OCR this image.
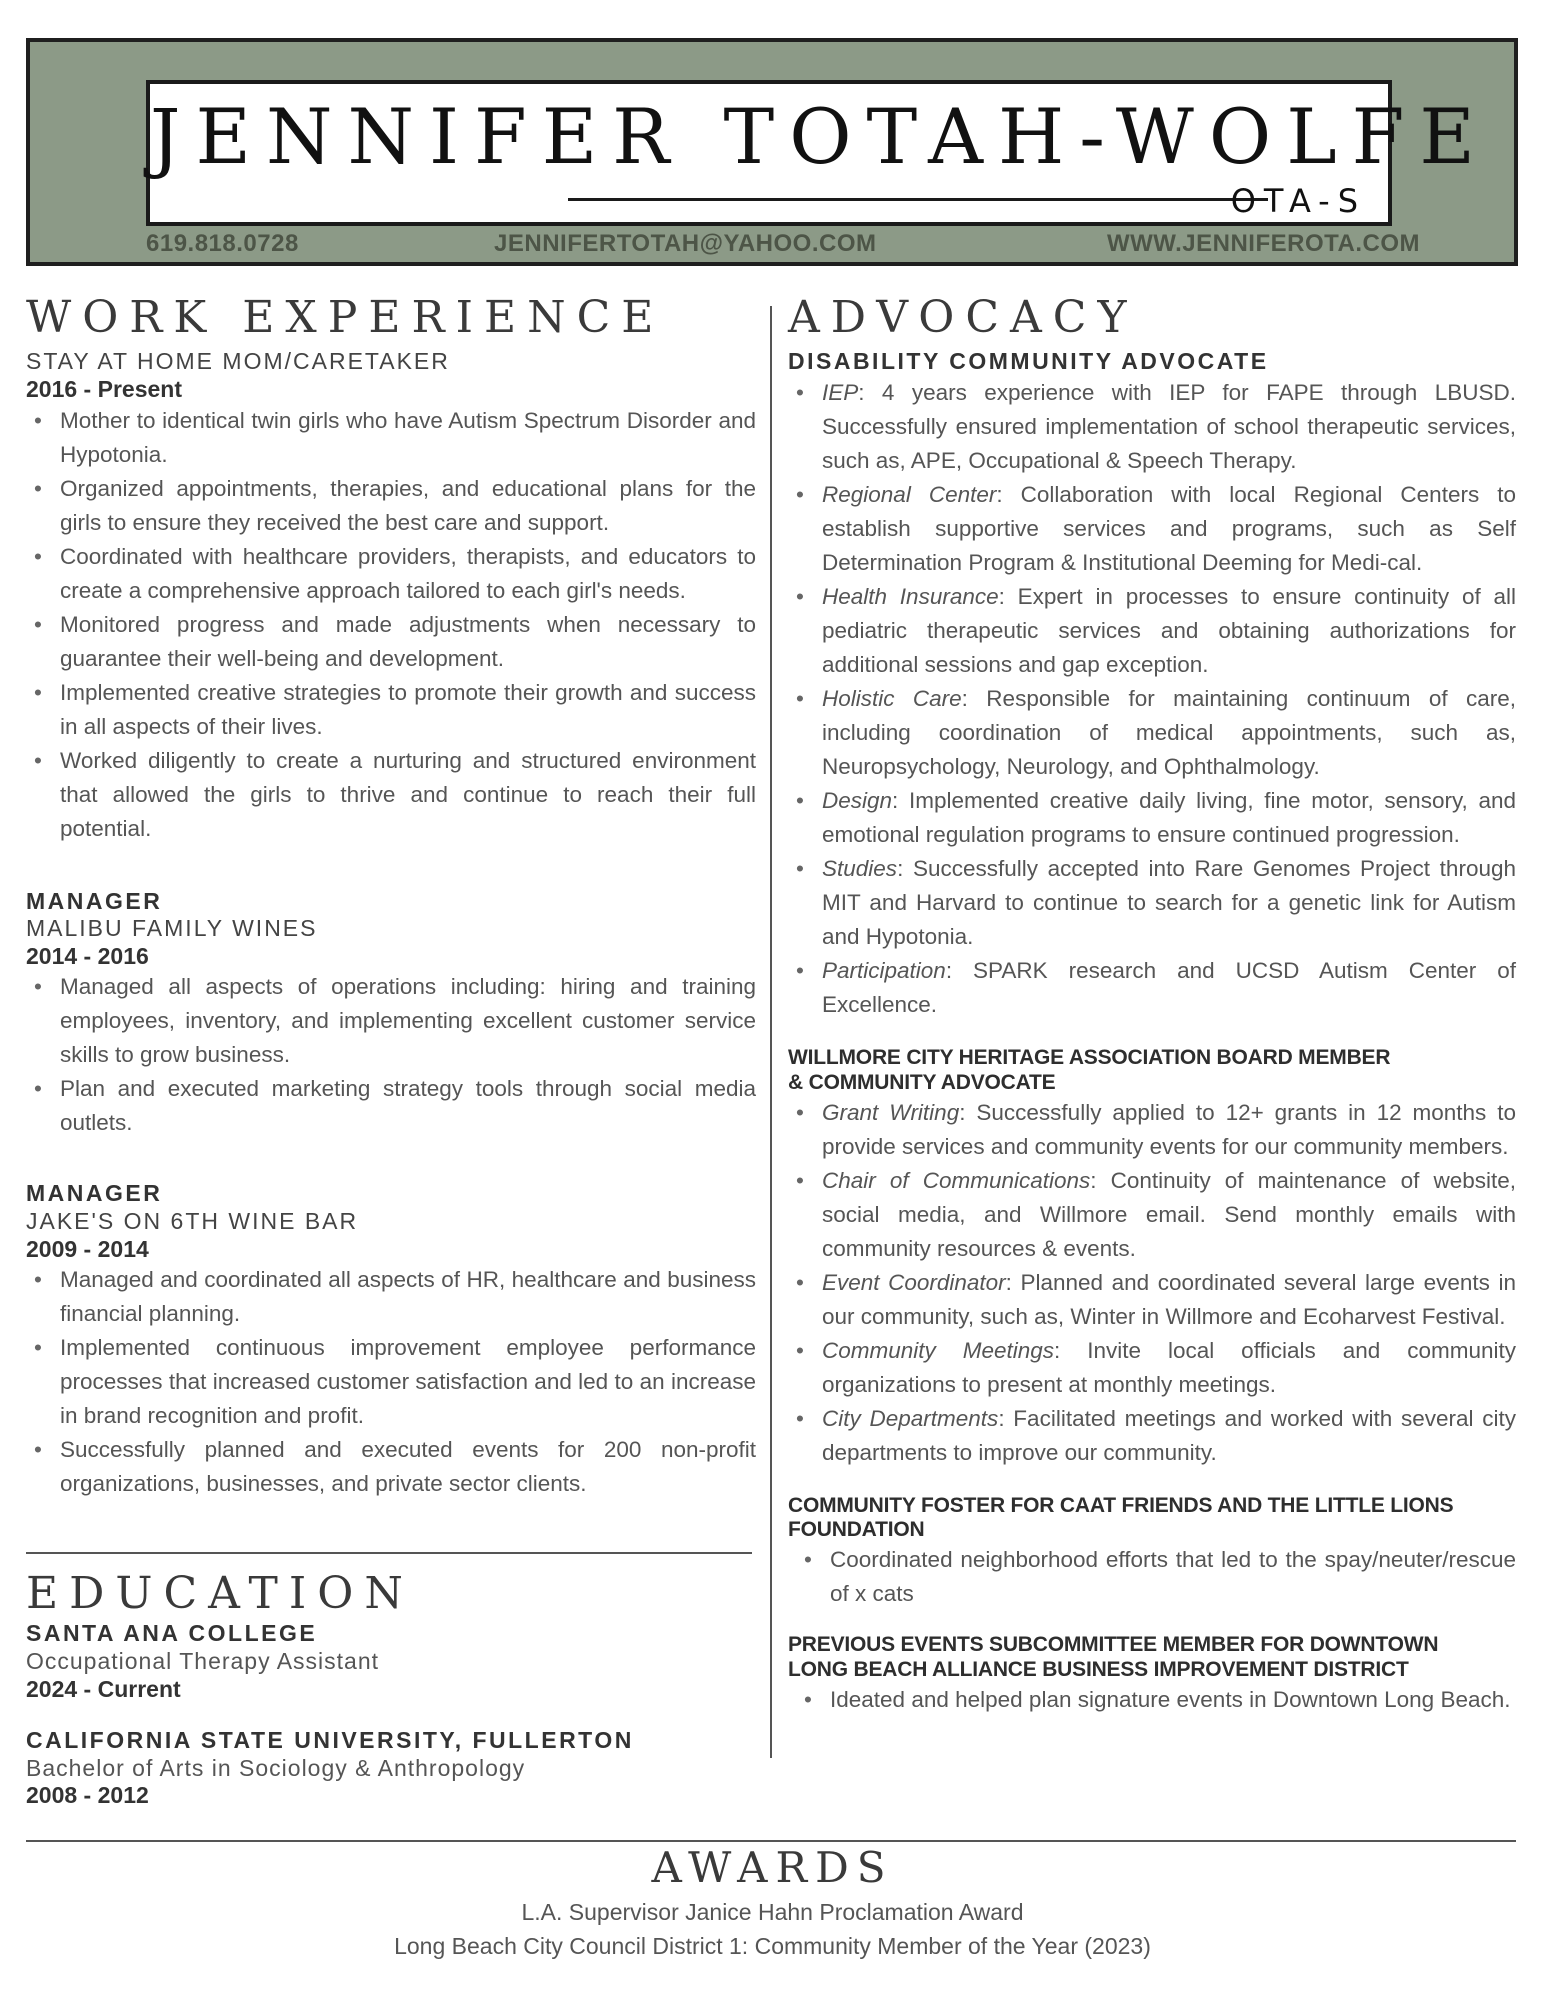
JENNIFER TOTAH-WOLFE
OTA-S
619.818.0728	JENNIFERTOTAH@YAHOO.COM	WWW.JENNIFEROTA.COM
WORK EXPERIENCE
STAY AT HOME MOM/CARETAKER
2016 - Present
• Mother to identical twin girls who have Autism Spectrum Disorder and Hypotonia.
• Organized appointments, therapies, and educational plans for the girls to ensure they received the best care and support.
• Coordinated with healthcare providers, therapists, and educators to create a comprehensive approach tailored to each girl's needs.
• Monitored progress and made adjustments when necessary to guarantee their well-being and development.
• Implemented creative strategies to promote their growth and success in all aspects of their lives.
• Worked diligently to create a nurturing and structured environment that allowed the girls to thrive and continue to reach their full potential.
MANAGER
MALIBU FAMILY WINES
2014 - 2016
• Managed all aspects of operations including: hiring and training employees, inventory, and implementing excellent customer service skills to grow business.
• Plan and executed marketing strategy tools through social media outlets.
MANAGER
JAKE'S ON 6TH WINE BAR
2009 - 2014
• Managed and coordinated all aspects of HR, healthcare and business financial planning.
• Implemented continuous improvement employee performance processes that increased customer satisfaction and led to an increase in brand recognition and profit.
• Successfully planned and executed events for 200 non-profit organizations, businesses, and private sector clients.
EDUCATION
SANTA ANA COLLEGE
Occupational Therapy Assistant
2024 - Current
CALIFORNIA STATE UNIVERSITY, FULLERTON
Bachelor of Arts in Sociology & Anthropology
2008 - 2012
ADVOCACY
DISABILITY COMMUNITY ADVOCATE
• IEP: 4 years experience with IEP for FAPE through LBUSD. Successfully ensured implementation of school therapeutic services, such as, APE, Occupational & Speech Therapy.
• Regional Center: Collaboration with local Regional Centers to establish supportive services and programs, such as Self Determination Program & Institutional Deeming for Medi-cal.
• Health Insurance: Expert in processes to ensure continuity of all pediatric therapeutic services and obtaining authorizations for additional sessions and gap exception.
• Holistic Care: Responsible for maintaining continuum of care, including coordination of medical appointments, such as, Neuropsychology, Neurology, and Ophthalmology.
• Design: Implemented creative daily living, fine motor, sensory, and emotional regulation programs to ensure continued progression.
• Studies: Successfully accepted into Rare Genomes Project through MIT and Harvard to continue to search for a genetic link for Autism and Hypotonia.
• Participation: SPARK research and UCSD Autism Center of Excellence.
WILLMORE CITY HERITAGE ASSOCIATION BOARD MEMBER
& COMMUNITY ADVOCATE
• Grant Writing: Successfully applied to 12+ grants in 12 months to provide services and community events for our community members.
• Chair of Communications: Continuity of maintenance of website, social media, and Willmore email. Send monthly emails with community resources & events.
• Event Coordinator: Planned and coordinated several large events in our community, such as, Winter in Willmore and Ecoharvest Festival.
• Community Meetings: Invite local officials and community organizations to present at monthly meetings.
• City Departments: Facilitated meetings and worked with several city departments to improve our community.
COMMUNITY FOSTER FOR CAAT FRIENDS AND THE LITTLE LIONS
FOUNDATION
• Coordinated neighborhood efforts that led to the spay/neuter/rescue of x cats
PREVIOUS EVENTS SUBCOMMITTEE MEMBER FOR DOWNTOWN
LONG BEACH ALLIANCE BUSINESS IMPROVEMENT DISTRICT
• Ideated and helped plan signature events in Downtown Long Beach.
AWARDS
L.A. Supervisor Janice Hahn Proclamation Award
Long Beach City Council District 1: Community Member of the Year (2023)
